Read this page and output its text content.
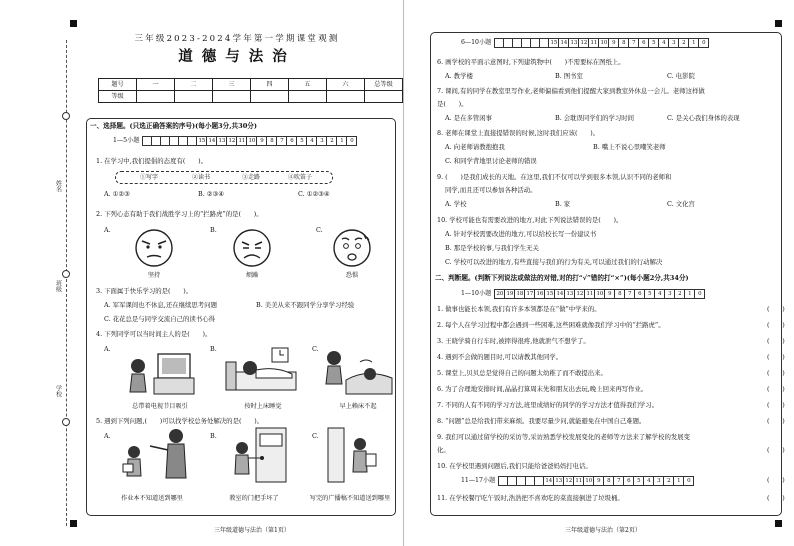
姓名
班级
学校
三年级2023-2024学年第一学期课堂观测
道德与法治
题号	一	二	三	四	五	六	总等级
等级							
一、选择题。(只选正确答案的序号)(每小题3分,共30分)
1—5小题							15	14	13	12	11	10	9	8	7	6	5	4	3	2	1	0
1. 在学习中,我们提倡的态度有(　　)。
①写字	②读书	③走路	④吹笛子
A. ①②③	B. ②③④	C. ①②③④
2. 下列心态有助于我们战胜学习上的“拦路虎”的是(　　)。
A.	B.	C.
坚持	烦躁	恐惧
3. 下面属于快乐学习的是(　　)。
A. 军军课间也不休息,还在继续思考问题	B. 美美从来不跟同学分享学习经验
C. 花花总是与同学交流自己的读书心得
4. 下列同学可以当时间主人的是(　　)。
A.	B.	C.
总带着电视节目吸引	按时上床睡觉	早上赖床不起
5. 遇到下列问题,(　　)可以找学校总务处解决的是(　　)。
A.	B.	C.
作业本不知道送到哪里	教室的门把手坏了	写完的广播稿不知道送到哪里
三年级道德与法治（第1页）
6—10小题							15	14	13	12	11	10	9	8	7	6	5	4	3	2	1	0
6. 画学校的平面示意图时,下列建筑物中(　　)不需要标在图纸上。
A. 教学楼	B. 图书室	C. 电影院
7. 课间,有的同学在教室里写作业,老师偏偏看到他们提醒大家到教室外休息一会儿。老师这样做
是(　　)。
A. 是在多管闲事	B. 会耽误同学们的学习时间	C. 是关心我们身体的表现
8. 老师在课堂上直接提错误的时候,这时我们应该(　　)。
A. 向老师请教抱抱我	B. 嘴上不说心里嘲笑老师
C. 和同学背地里讨论老师的错误
9. (　　)是我们成长的天地。在这里,我们不仅可以学到很多本领,认识不同的老师和
同学,而且还可以参加各种活动。
A. 学校	B. 家	C. 文化宫
10. 学校可能也有需要改进的地方,对此下列说法错误的是(　　)。
A. 针对学校需要改进的地方,可以给校长写一份建议书
B. 那是学校的事,与我们学生无关
C. 学校可以改进的地方,有些直接与我们的行为有关,可以通过我们的行动解决
二、判断题。(判断下列说法或做法的对错,对的打“√”错的打“×”)(每小题2分,共34分)
1—10小题	20	19	18	17	16	15	14	13	12	11	10	9	8	7	6	5	4	3	2	1	0
1. 做事也能长本领,我们有许多本领都是在“做”中学来的。	(　　)
2. 每个人在学习过程中都会遇到一些困难,这些困难就像我们学习中的“拦路虎”。	(　　)
3. 王晓学骑自行车时,被摔得很疼,他就泄气不想学了。	(　　)
4. 遇到不会做的题目时,可以请教其他同学。	(　　)
5. 课堂上,贝贝总是觉得自己的问题太幼稚了而不敢提出来。	(　　)
6. 为了合理地安排时间,晶晶打算周末先和朋友出去玩,晚上回来再写作业。	(　　)
7. 不同的人有不同的学习方法,班里成绩好的同学的学习方法才值得我们学习。	(　　)
8. “问题”总是给我们带来麻烦。我要尽量少问,就能避免在中国自己难题。	(　　)
9. 我们可以通过留学校的采访等,采访熟悉学校发展变化的老师等方法来了解学校的发展变
化。	(　　)
10. 在学校里遇到问题后,我们只能给爸爸妈妈打电话。
(　　)
11—17小题						14	13	12	11	10	9	8	7	6	5	4	3	2	1	0
11. 在学校餐厅吃午饭时,浩浩把不喜欢吃的菜直接倒进了垃圾桶。	(　　)
三年级道德与法治（第2页）
